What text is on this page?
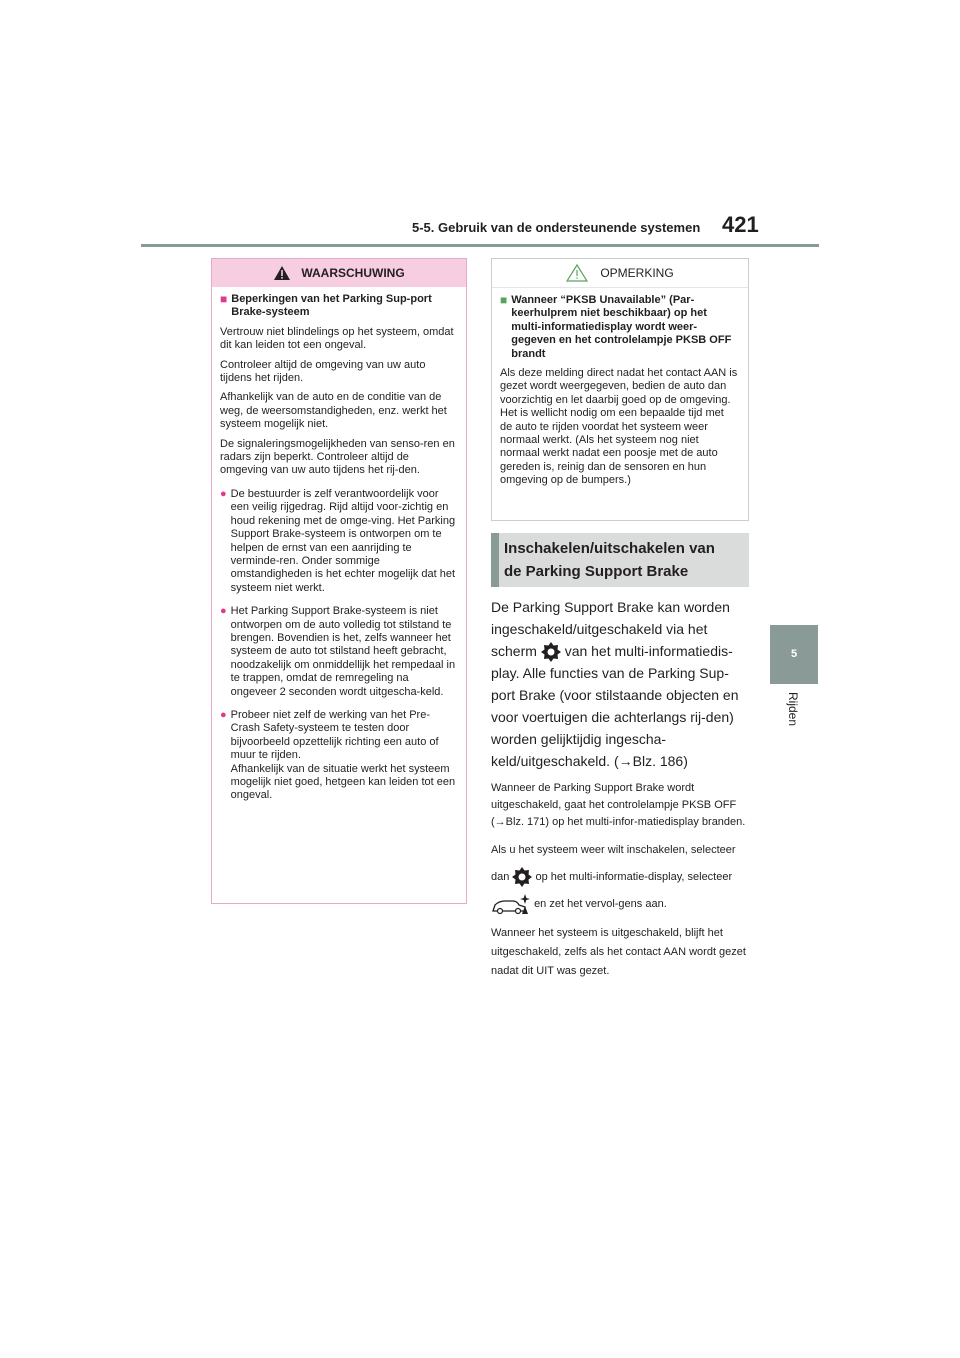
5-5. Gebruik van de ondersteunende systemen 421
5
Rijden
WAARSCHUWING
■ Beperkingen van het Parking Sup-port Brake-systeem

Vertrouw niet blindelings op het systeem, omdat dit kan leiden tot een ongeval.

Controleer altijd de omgeving van uw auto tijdens het rijden.

Afhankelijk van de auto en de conditie van de weg, de weersomstandigheden, enz. werkt het systeem mogelijk niet.

De signaleringsmogelijkheden van senso-ren en radars zijn beperkt. Controleer altijd de omgeving van uw auto tijdens het rij-den.

● De bestuurder is zelf verantwoordelijk voor een veilig rijgedrag. Rijd altijd voor-zichtig en houd rekening met de omge-ving. Het Parking Support Brake-systeem is ontworpen om te helpen de ernst van een aanrijding te verminde-ren. Onder sommige omstandigheden is het echter mogelijk dat het systeem niet werkt.
● Het Parking Support Brake-systeem is niet ontworpen om de auto volledig tot stilstand te brengen. Bovendien is het, zelfs wanneer het systeem de auto tot stilstand heeft gebracht, noodzakelijk om onmiddellijk het rempedaal in te trappen, omdat de remregeling na ongeveer 2 seconden wordt uitgescha-keld.
● Probeer niet zelf de werking van het Pre-Crash Safety-systeem te testen door bijvoorbeeld opzettelijk richting een auto of muur te rijden.
Afhankelijk van de situatie werkt het systeem mogelijk niet goed, hetgeen kan leiden tot een ongeval.
OPMERKING
■ Wanneer “PKSB Unavailable” (Par-keerhulprem niet beschikbaar) op het multi-informatiedisplay wordt weer-gegeven en het controlelampje PKSB OFF brandt

Als deze melding direct nadat het contact AAN is gezet wordt weergegeven, bedien de auto dan voorzichtig en let daarbij goed op de omgeving. Het is wellicht nodig om een bepaalde tijd met de auto te rijden voordat het systeem weer normaal werkt. (Als het systeem nog niet normaal werkt nadat een poosje met de auto gereden is, reinig dan de sensoren en hun omgeving op de bumpers.)

Inschakelen/uitschakelen van
de Parking Support Brake

De Parking Support Brake kan worden ingeschakeld/uitgeschakeld via het scherm van het multi-informatiedis-play. Alle functies van de Parking Sup-port Brake (voor stilstaande objecten en voor voertuigen die achterlangs rij-den) worden gelijktijdig ingescha-keld/uitgeschakeld. (→Blz. 186)

Wanneer de Parking Support Brake wordt uitgeschakeld, gaat het controlelampje PKSB OFF (→Blz. 171) op het multi-infor-matiedisplay branden.

Als u het systeem weer wilt inschakelen, selecteer dan op het multi-informatie-display, selecteer  en zet het vervol-gens aan.

Wanneer het systeem is uitgeschakeld, blijft het uitgeschakeld, zelfs als het contact AAN wordt gezet nadat dit UIT was gezet.
